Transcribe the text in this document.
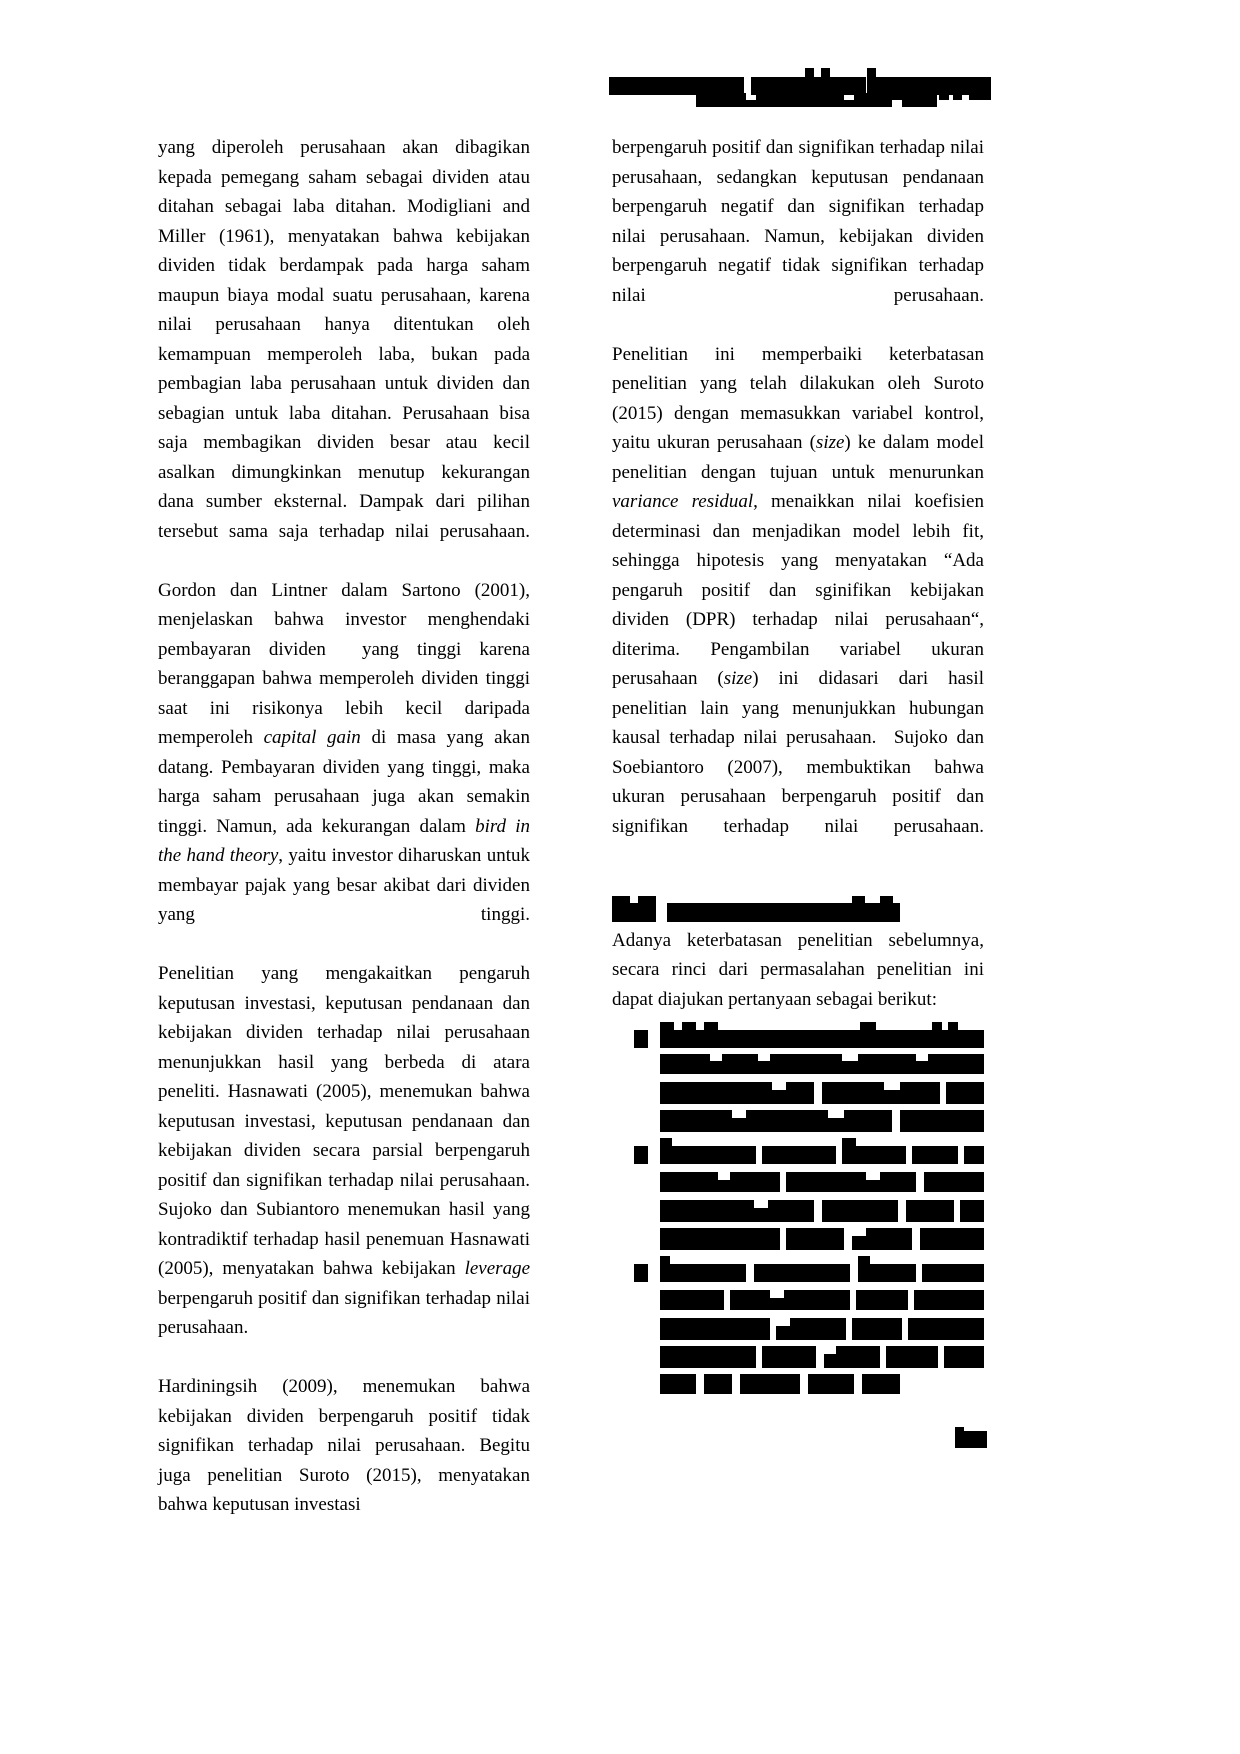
yang diperoleh perusahaan akan dibagikan kepada pemegang saham sebagai dividen atau ditahan sebagai laba ditahan. Modigliani and Miller (1961), menyatakan bahwa kebijakan dividen tidak berdampak pada harga saham maupun biaya modal suatu perusahaan, karena nilai perusahaan hanya ditentukan oleh kemampuan memperoleh laba, bukan pada pembagian laba perusahaan untuk dividen dan sebagian untuk laba ditahan. Perusahaan bisa saja membagikan dividen besar atau kecil asalkan dimungkinkan menutup kekurangan dana sumber eksternal. Dampak dari pilihan tersebut sama saja terhadap nilai perusahaan.

Gordon dan Lintner dalam Sartono (2001), menjelaskan bahwa investor menghendaki pembayaran dividen  yang tinggi karena beranggapan bahwa memperoleh dividen tinggi saat ini risikonya lebih kecil daripada memperoleh capital gain di masa yang akan datang. Pembayaran dividen yang tinggi, maka harga saham perusahaan juga akan semakin tinggi. Namun, ada kekurangan dalam bird in the hand theory, yaitu investor diharuskan untuk membayar pajak yang besar akibat dari dividen yang tinggi.

Penelitian yang mengakaitkan pengaruh keputusan investasi, keputusan pendanaan dan kebijakan dividen terhadap nilai perusahaan menunjukkan hasil yang berbeda di atara peneliti. Hasnawati (2005), menemukan bahwa keputusan investasi, keputusan pendanaan dan kebijakan dividen secara parsial berpengaruh positif dan signifikan terhadap nilai perusahaan. Sujoko dan Subiantoro menemukan hasil yang kontradiktif terhadap hasil penemuan Hasnawati (2005), menyatakan bahwa kebijakan leverage berpengaruh positif dan signifikan terhadap nilai perusahaan.

Hardiningsih (2009), menemukan bahwa kebijakan dividen berpengaruh positif tidak signifikan terhadap nilai perusahaan. Begitu juga penelitian Suroto (2015), menyatakan bahwa keputusan investasi

berpengaruh positif dan signifikan terhadap nilai perusahaan, sedangkan keputusan pendanaan berpengaruh negatif dan signifikan terhadap nilai perusahaan. Namun, kebijakan dividen berpengaruh negatif tidak signifikan terhadap nilai perusahaan.

Penelitian ini memperbaiki keterbatasan penelitian yang telah dilakukan oleh Suroto (2015) dengan memasukkan variabel kontrol, yaitu ukuran perusahaan (size) ke dalam model penelitian dengan tujuan untuk menurunkan variance residual, menaikkan nilai koefisien determinasi dan menjadikan model lebih fit, sehingga hipotesis yang menyatakan “Ada pengaruh positif dan sginifikan kebijakan dividen (DPR) terhadap nilai perusahaan“, diterima. Pengambilan variabel ukuran perusahaan (size) ini didasari dari hasil penelitian lain yang menunjukkan hubungan kausal terhadap nilai perusahaan.  Sujoko dan Soebiantoro (2007), membuktikan bahwa ukuran perusahaan berpengaruh positif dan signifikan terhadap nilai perusahaan.

Adanya keterbatasan penelitian sebelumnya, secara rinci dari permasalahan penelitian ini dapat diajukan pertanyaan sebagai berikut:
